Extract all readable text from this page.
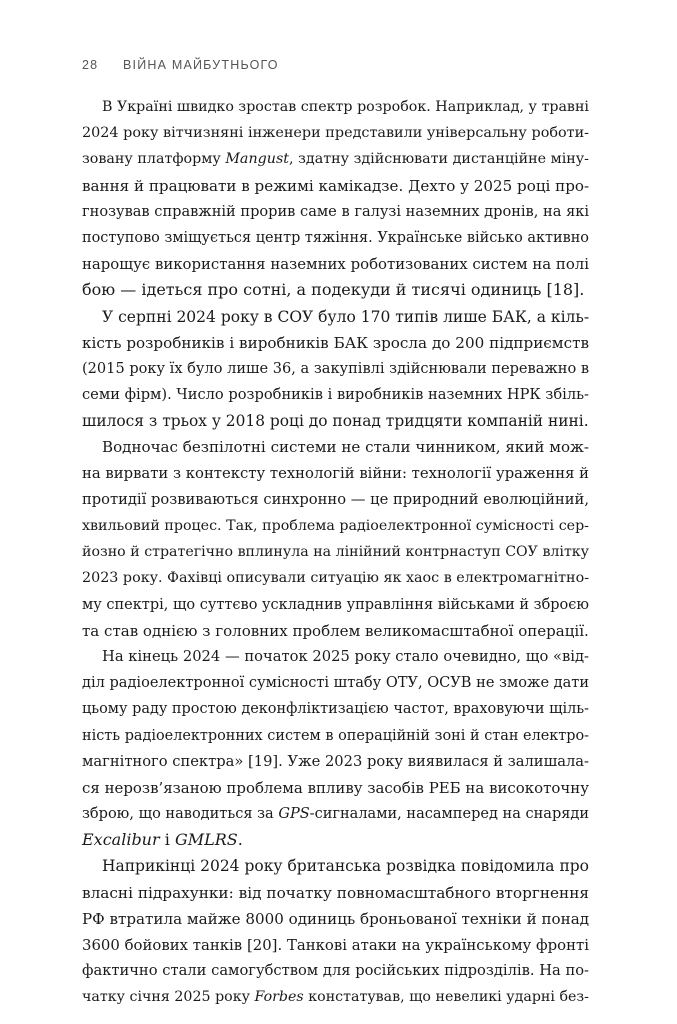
28 ВІЙНА МАЙБУТНЬОГО
В Україні швидко зростав спектр розробок. Наприклад, у травні
2024 року вітчизняні інженери представили універсальну роботи-
зовану платформу Mangust, здатну здійснювати дистанційне міну-
вання й працювати в режимі камікадзе. Дехто у 2025 році про-
гнозував справжній прорив саме в галузі наземних дронів, на які
поступово зміщується центр тяжіння. Українське військо активно
нарощує використання наземних роботизованих систем на полі
бою — ідеться про сотні, а подекуди й тисячі одиниць [18].
У серпні 2024 року в СОУ було 170 типів лише БАК, а кіль-
кість розробників і виробників БАК зросла до 200 підприємств
(2015 року їх було лише 36, а закупівлі здійснювали переважно в
семи фірм). Число розробників і виробників наземних НРК збіль-
шилося з трьох у 2018 році до понад тридцяти компаній нині.
Водночас безпілотні системи не стали чинником, який мож-
на вирвати з контексту технологій війни: технології ураження й
протидії розвиваються синхронно — це природний еволюційний,
хвильовий процес. Так, проблема радіоелектронної сумісності сер-
йозно й стратегічно вплинула на лінійний контрнаступ СОУ влітку
2023 року. Фахівці описували ситуацію як хаос в електромагнітно-
му спектрі, що суттєво ускладнив управління військами й зброєю
та став однією з головних проблем великомасштабної операції.
На кінець 2024 — початок 2025 року стало очевидно, що «від-
діл радіоелектронної сумісності штабу ОТУ, ОСУВ не зможе дати
цьому раду простою деконфліктизацією частот, враховуючи щіль-
ність радіоелектронних систем в операційній зоні й стан електро-
магнітного спектра» [19]. Уже 2023 року виявилася й залишала-
ся нерозв’язаною проблема впливу засобів РЕБ на високоточну
зброю, що наводиться за GPS-сигналами, насамперед на снаряди
Excalibur і GMLRS.
Наприкінці 2024 року британська розвідка повідомила про
власні підрахунки: від початку повномасштабного вторгнення
РФ втратила майже 8000 одиниць броньованої техніки й понад
3600 бойових танків [20]. Танкові атаки на українському фронті
фактично стали самогубством для російських підрозділів. На по-
чатку січня 2025 року Forbes констатував, що невеликі ударні без-
